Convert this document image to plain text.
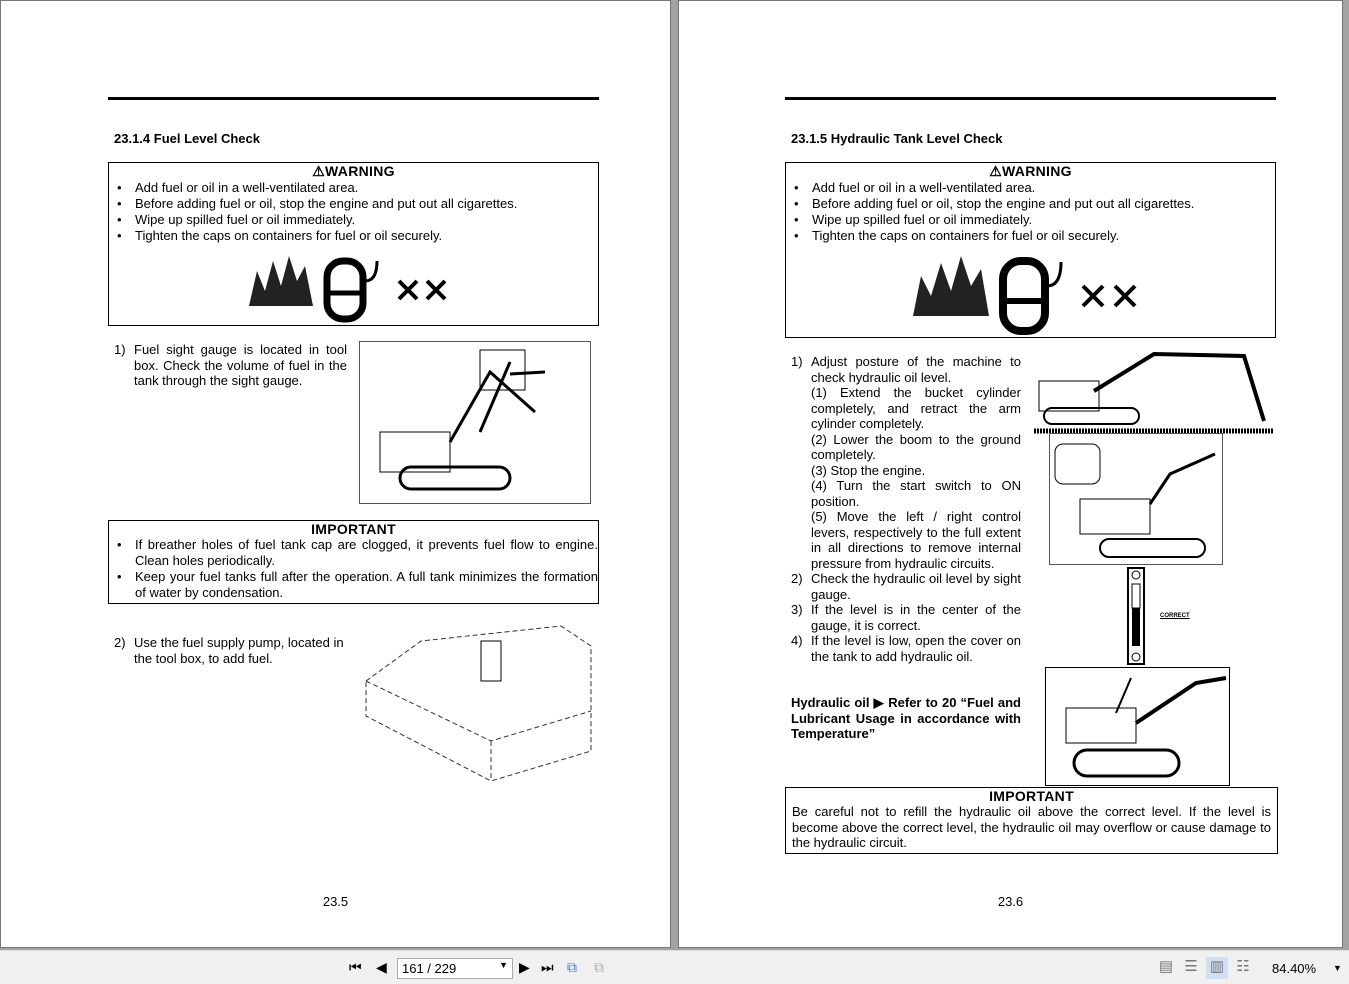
23.1.4 Fuel Level Check
⚠WARNING
• Add fuel or oil in a well-ventilated area.
• Before adding fuel or oil, stop the engine and put out all cigarettes.
• Wipe up spilled fuel or oil immediately.
• Tighten the caps on containers for fuel or oil securely.

1) Fuel sight gauge is located in tool box. Check the volume of fuel in the tank through the sight gauge.

IMPORTANT
• If breather holes of fuel tank cap are clogged, it prevents fuel flow to engine. Clean holes periodically.
• Keep your fuel tanks full after the operation. A full tank minimizes the formation of water by condensation.

2) Use the fuel supply pump, located in the tool box, to add fuel.

23.5
23.1.5 Hydraulic Tank Level Check
⚠WARNING
• Add fuel or oil in a well-ventilated area.
• Before adding fuel or oil, stop the engine and put out all cigarettes.
• Wipe up spilled fuel or oil immediately.
• Tighten the caps on containers for fuel or oil securely.

1) Adjust posture of the machine to check hydraulic oil level.

(1) Extend the bucket cylinder completely, and retract the arm cylinder completely.

(2) Lower the boom to the ground completely.

(3) Stop the engine.

(4) Turn the start switch to ON position.

(5) Move the left / right control levers, respectively to the full extent in all directions to remove internal pressure from hydraulic circuits.

2) Check the hydraulic oil level by sight gauge.

3) If the level is in the center of the gauge, it is correct.

4) If the level is low, open the cover on the tank to add hydraulic oil.

Hydraulic oil ▶ Refer to 20 “Fuel and Lubricant Usage in accordance with Temperature”
CORRECT
IMPORTANT
Be careful not to refill the hydraulic oil above the correct level. If the level is become above the correct level, the hydraulic oil may overflow or cause damage to the hydraulic circuit.
23.6
⏮ ◀	161 / 229	▼ ▶ ⏭ ⧉ ⧉	▤ ☰ ▥ ☷	84.40% ▼
